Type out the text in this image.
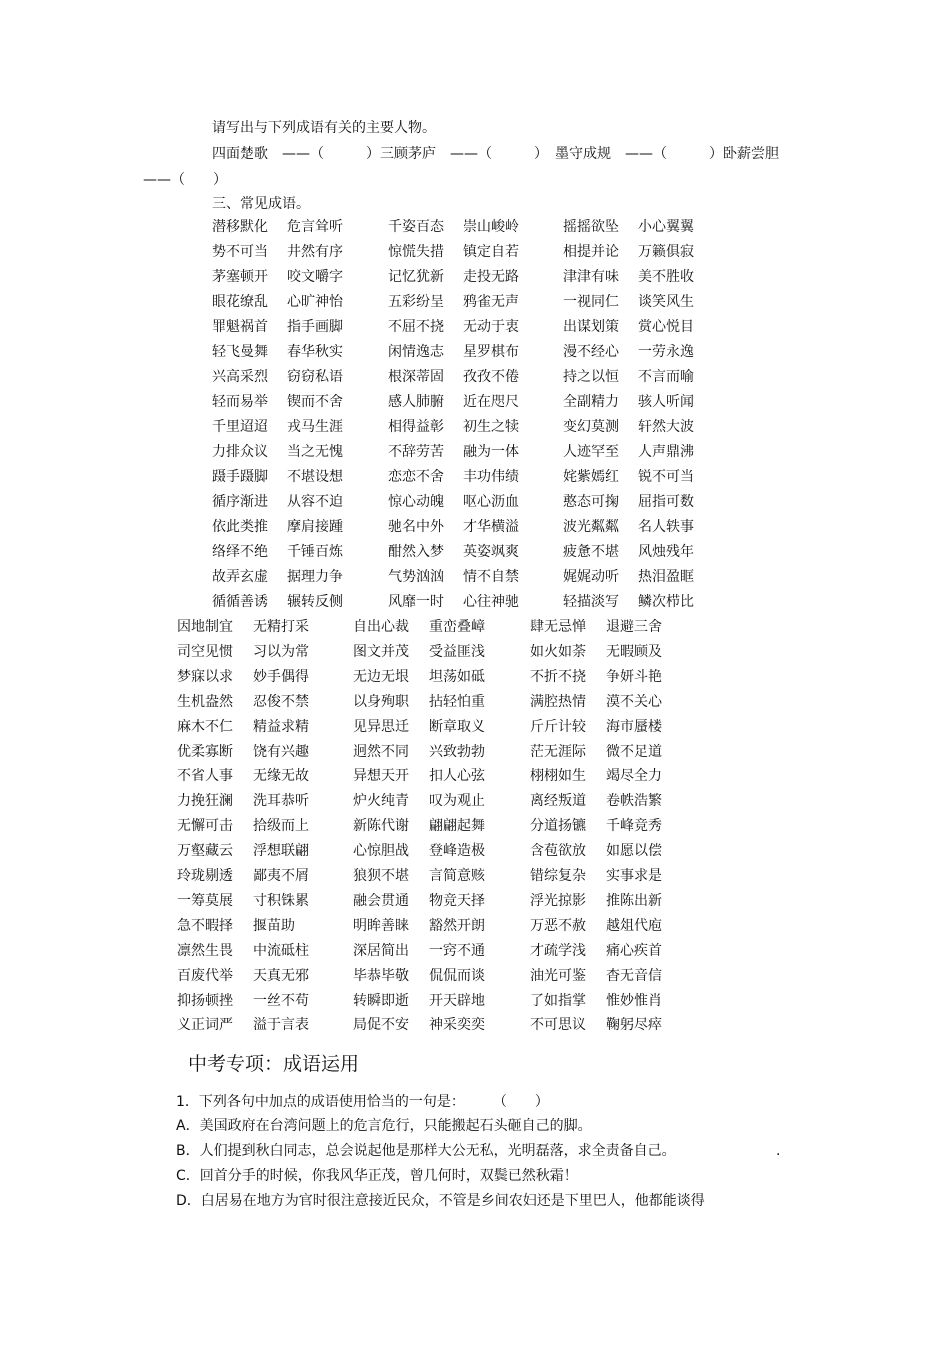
请写出与下列成语有关的主要人物。
四面楚歌　——（　　　）三顾茅庐　——（　　　）　墨守成规　——（　　　）卧薪尝胆
——（　　）
三、常见成语。
潜移默化 危言耸听	千姿百态 崇山峻岭	摇摇欲坠 小心翼翼
势不可当 井然有序	惊慌失措 镇定自若	相提并论 万籁俱寂
茅塞顿开 咬文嚼字	记忆犹新 走投无路	津津有味 美不胜收
眼花缭乱 心旷神怡	五彩纷呈 鸦雀无声	一视同仁 谈笑风生
罪魁祸首 指手画脚	不屈不挠 无动于衷	出谋划策 赏心悦目
轻飞曼舞 春华秋实	闲情逸志 星罗棋布	漫不经心 一劳永逸
兴高采烈 窃窃私语	根深蒂固 孜孜不倦	持之以恒 不言而喻
轻而易举 锲而不舍	感人肺腑 近在咫尺	全副精力 骇人听闻
千里迢迢 戎马生涯	相得益彰 初生之犊	变幻莫测 轩然大波
力排众议 当之无愧	不辞劳苦 融为一体	人迹罕至 人声鼎沸
蹑手蹑脚 不堪设想	恋恋不舍 丰功伟绩	姹紫嫣红 锐不可当
循序渐进 从容不迫	惊心动魄 呕心沥血	憨态可掬 屈指可数
依此类推 摩肩接踵	驰名中外 才华横溢	波光粼粼 名人轶事
络绎不绝 千锤百炼	酣然入梦 英姿飒爽	疲惫不堪 风烛残年
故弄玄虚 据理力争	气势汹汹 情不自禁	娓娓动听 热泪盈眶
循循善诱 辗转反侧	风靡一时 心往神驰	轻描淡写 鳞次栉比
因地制宜 无精打采	自出心裁 重峦叠嶂	肆无忌惮 退避三舍
司空见惯 习以为常	图文并茂 受益匪浅	如火如荼 无暇顾及
梦寐以求 妙手偶得	无边无垠 坦荡如砥	不折不挠 争妍斗艳
生机盎然 忍俊不禁	以身殉职 拈轻怕重	满腔热情 漠不关心
麻木不仁 精益求精	见异思迁 断章取义	斤斤计较 海市蜃楼
优柔寡断 饶有兴趣	迥然不同 兴致勃勃	茫无涯际 微不足道
不省人事 无缘无故	异想天开 扣人心弦	栩栩如生 竭尽全力
力挽狂澜 洗耳恭听	炉火纯青 叹为观止	离经叛道 卷帙浩繁
无懈可击 拾级而上	新陈代谢 翩翩起舞	分道扬镳 千峰竞秀
万壑藏云 浮想联翩	心惊胆战 登峰造极	含苞欲放 如愿以偿
玲珑剔透 鄙夷不屑	狼狈不堪 言简意赅	错综复杂 实事求是
一筹莫展 寸积铢累	融会贯通 物竞天择	浮光掠影 推陈出新
急不暇择 揠苗助	明眸善睐 豁然开朗	万恶不赦 越俎代庖
凛然生畏 中流砥柱	深居简出 一窍不通	才疏学浅 痛心疾首
百废代举 天真无邪	毕恭毕敬 侃侃而谈	油光可鉴 杳无音信
抑扬顿挫 一丝不苟	转瞬即逝 开天辟地	了如指掌 惟妙惟肖
义正词严 溢于言表	局促不安 神采奕奕	不可思议 鞠躬尽瘁
中考专项：成语运用
1．下列各句中加点的成语使用恰当的一句是：　　　（　　）
A．美国政府在台湾问题上的危言危行，只能搬起石头砸自己的脚。
B．人们提到秋白同志，总会说起他是那样大公无私，光明磊落，求全责备自己。	.
C．回首分手的时候，你我风华正茂，曾几何时，双鬓已然秋霜！
D．白居易在地方为官时很注意接近民众，不管是乡间农妇还是下里巴人，他都能谈得
